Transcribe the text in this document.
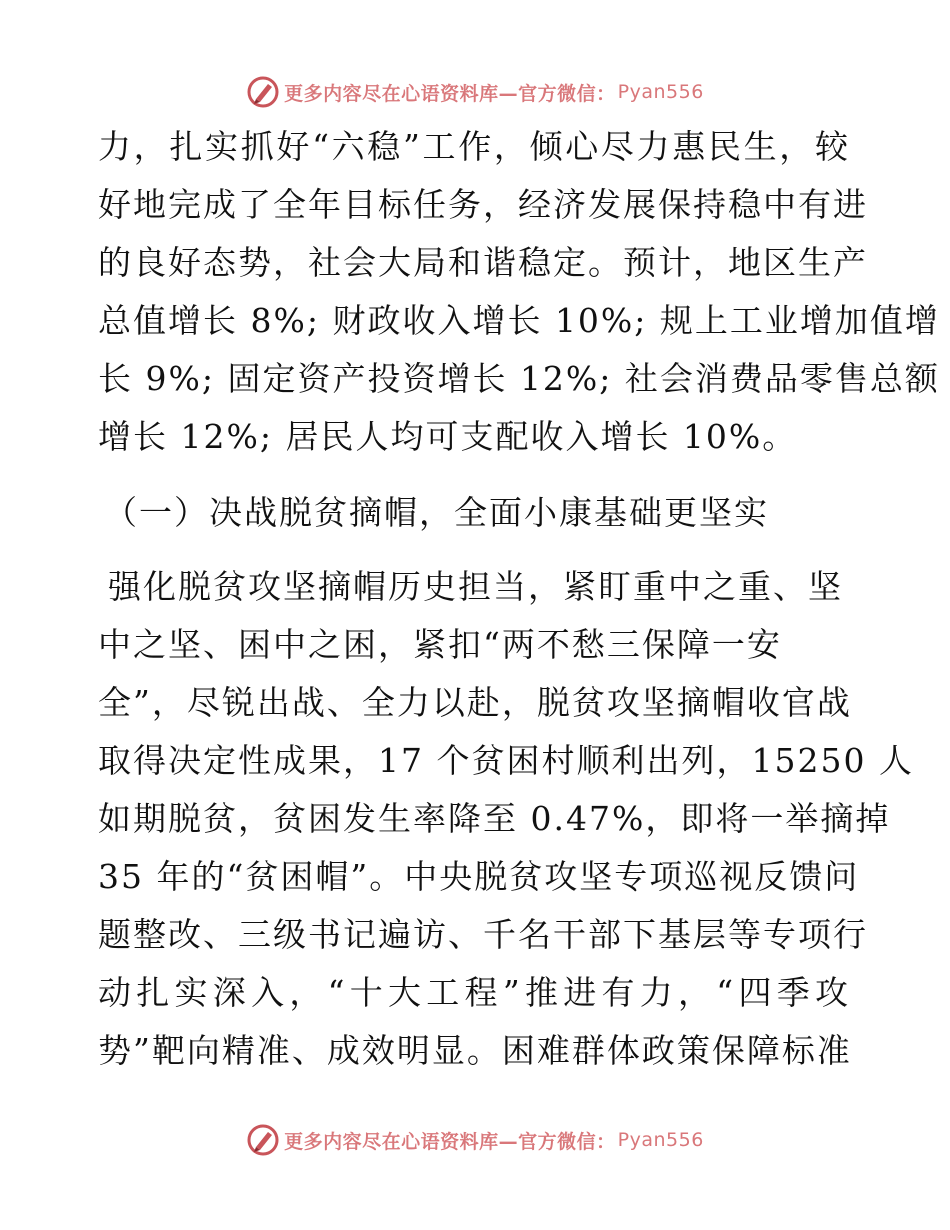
更多内容尽在心语资料库—官方微信： Pyan556
力，扎实抓好“六稳”工作，倾心尽力惠民生，较
好地完成了全年目标任务，经济发展保持稳中有进
的良好态势，社会大局和谐稳定。预计，地区生产
总值增长 8%; 财政收入增长 10%; 规上工业增加值增
长 9%; 固定资产投资增长 12%; 社会消费品零售总额
增长 12%; 居民人均可支配收入增长 10%。
（一）决战脱贫摘帽，全面小康基础更坚实
强化脱贫攻坚摘帽历史担当，紧盯重中之重、坚
中之坚、困中之困，紧扣“两不愁三保障一安
全”，尽锐出战、全力以赴，脱贫攻坚摘帽收官战
取得决定性成果，17 个贫困村顺利出列，15250 人
如期脱贫，贫困发生率降至 0.47%，即将一举摘掉
35 年的“贫困帽”。中央脱贫攻坚专项巡视反馈问
题整改、三级书记遍访、千名干部下基层等专项行
动扎实深入，“十大工程”推进有力，“四季攻
势”靶向精准、成效明显。困难群体政策保障标准
更多内容尽在心语资料库—官方微信： Pyan556
